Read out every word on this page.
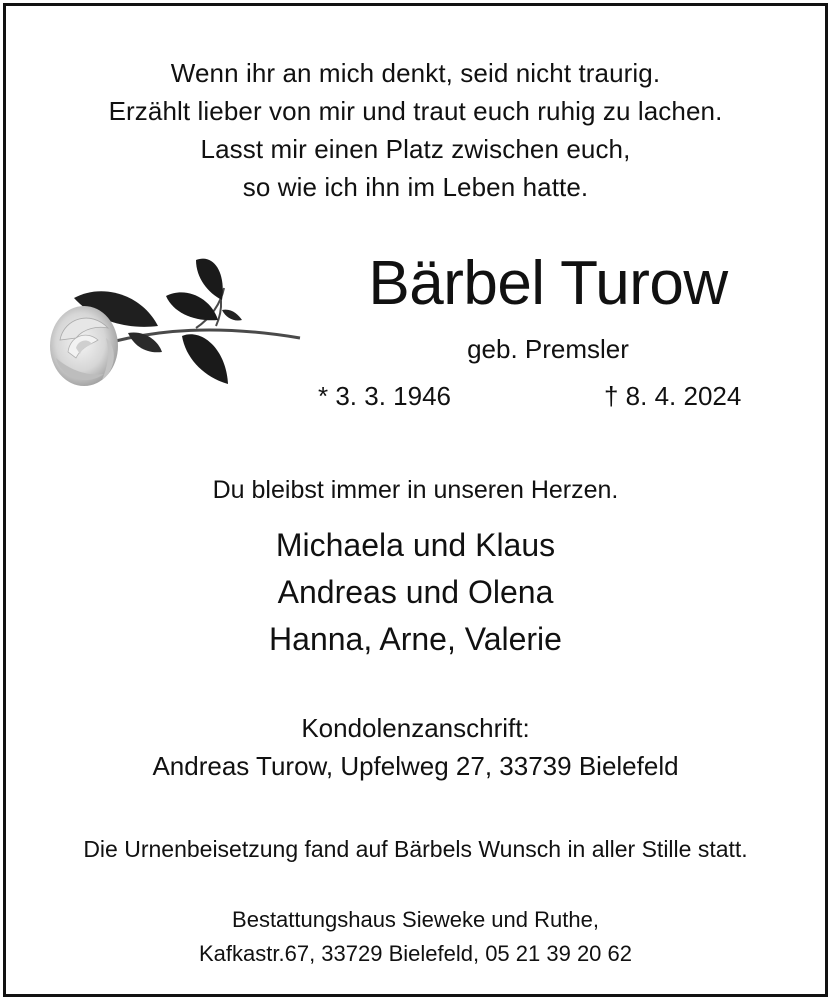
Wenn ihr an mich denkt, seid nicht traurig.
Erzählt lieber von mir und traut euch ruhig zu lachen.
Lasst mir einen Platz zwischen euch,
so wie ich ihn im Leben hatte.
Bärbel Turow
geb. Premsler
* 3. 3. 1946	† 8. 4. 2024
Du bleibst immer in unseren Herzen.
Michaela und Klaus
Andreas und Olena
Hanna, Arne, Valerie
Kondolenzanschrift:
Andreas Turow, Upfelweg 27, 33739 Bielefeld
Die Urnenbeisetzung fand auf Bärbels Wunsch in aller Stille statt.
Bestattungshaus Sieweke und Ruthe,
Kafkastr.67, 33729 Bielefeld, 05 21 39 20 62
